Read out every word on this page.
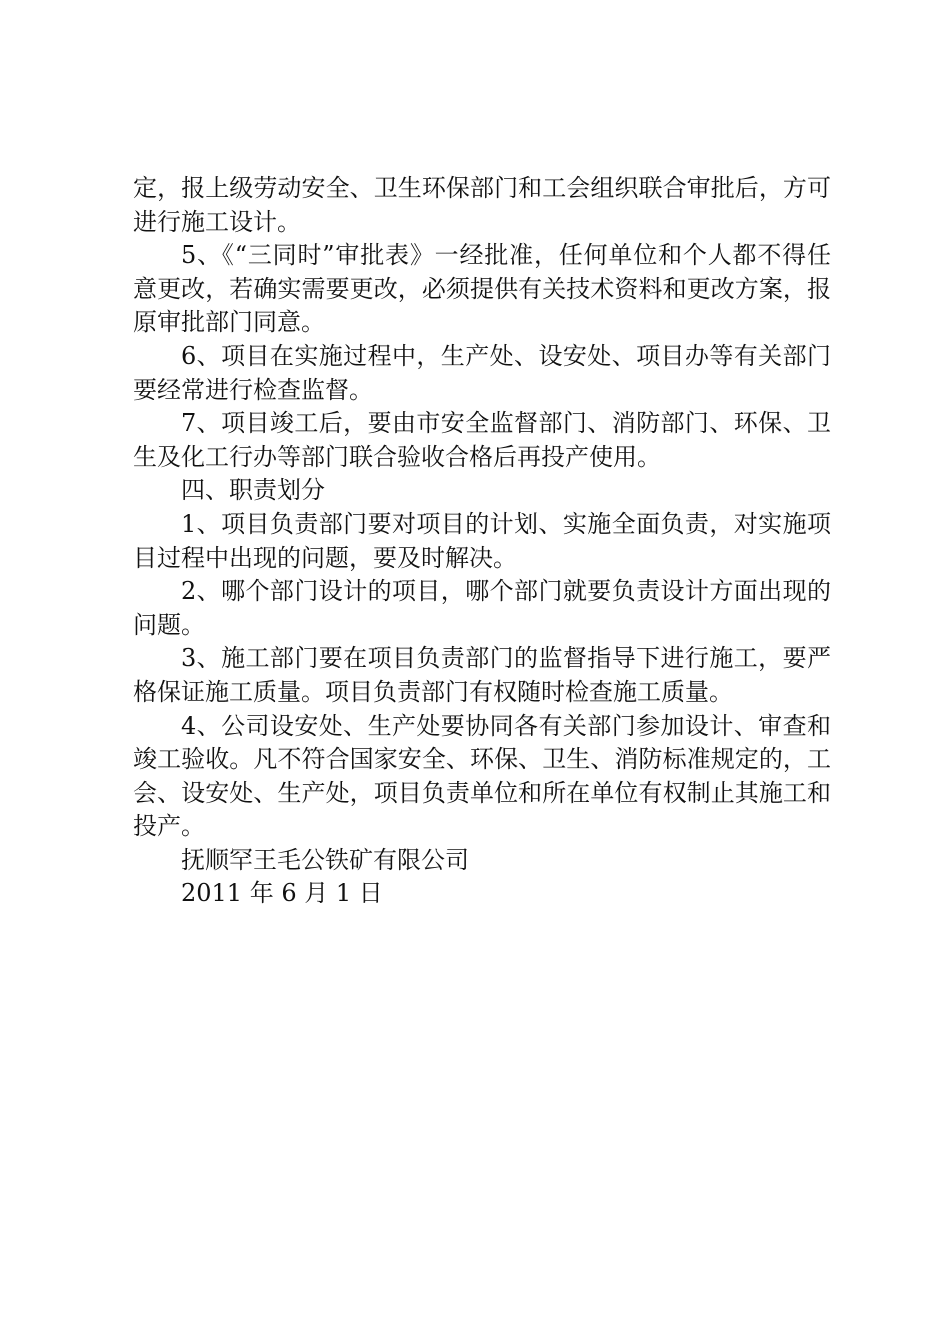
定，报上级劳动安全、卫生环保部门和工会组织联合审批后，方可进行施工设计。

5、《“三同时”审批表》一经批准，任何单位和个人都不得任意更改，若确实需要更改，必须提供有关技术资料和更改方案，报原审批部门同意。

6、项目在实施过程中，生产处、设安处、项目办等有关部门要经常进行检查监督。

7、项目竣工后，要由市安全监督部门、消防部门、环保、卫生及化工行办等部门联合验收合格后再投产使用。

四、职责划分

1、项目负责部门要对项目的计划、实施全面负责，对实施项目过程中出现的问题，要及时解决。

2、哪个部门设计的项目，哪个部门就要负责设计方面出现的问题。

3、施工部门要在项目负责部门的监督指导下进行施工，要严格保证施工质量。项目负责部门有权随时检查施工质量。

4、公司设安处、生产处要协同各有关部门参加设计、审查和竣工验收。凡不符合国家安全、环保、卫生、消防标准规定的，工会、设安处、生产处，项目负责单位和所在单位有权制止其施工和投产。

抚顺罕王毛公铁矿有限公司

2011 年 6 月 1 日
